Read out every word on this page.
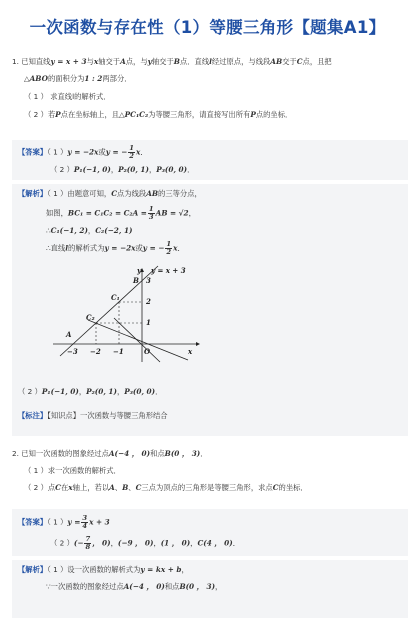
一次函数与存在性（1）等腰三角形【题集A1】
1. 已知直线y = x + 3与x轴交于A点，与y轴交于B点．直线l经过原点，与线段AB交于C点，且把
△ABO的面积分为1 : 2两部分．
（ 1 ） 求直线l的解析式．
（ 2 ）若P点在坐标轴上，且△PC₁C₂为等腰三角形，请直接写出所有P点的坐标．
【答案】（ 1 ）y = −2x或y = − $\frac{1}{2}$ x．
（ 2 ）P₁(−1, 0)，P₂(0, 1)，P₃(0, 0)．
【解析】（ 1 ）由题意可知，C点为线段AB的三等分点，
如图，$BC_1 = C_1C_2 = C_2A = \frac{1}{3}$ AB = √2，
∴C₁(−1, 2)，C₂(−2, 1)
∴直线l的解析式为y = −2x或y = − $\frac{1}{2}$ x．
y y = x + 3
B
C₁
C₂
A
O	x
3
2
1
−3 −2 −1
（ 2 ）P₁(−1, 0)，P₂(0, 1)，P₃(0, 0)．
【标注】【知识点】一次函数与等腰三角形结合
2. 已知一次函数的图象经过点A(−4 ， 0)和点B(0 ， 3)．
（ 1 ）求一次函数的解析式．
（ 2 ）点C在x轴上，若以A、B、C三点为顶点的三角形是等腰三角形，求点C的坐标．
【答案】（ 1 ）$y = \frac{3}{4}$ x + 3
（ 2 ）(− $\frac{7}{8}$ ， 0)，(−9 ， 0)，(1 ， 0)，C(4 ， 0)．
【解析】（ 1 ）设一次函数的解析式为y = kx + b，
∵一次函数的图象经过点A(−4 ， 0)和点B(0 ， 3)，
